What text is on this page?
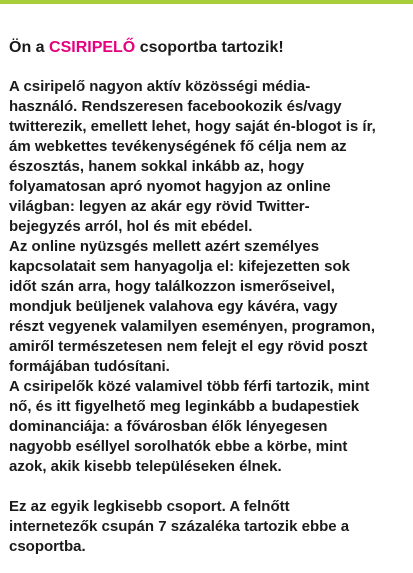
Ön a CSIRIPELŐ csoportba tartozik!

A csiripelő nagyon aktív közösségi média-
használó. Rendszeresen facebookozik és/vagy
twitterezik, emellett lehet, hogy saját én-blogot is ír,
ám webkettes tevékenységének fő célja nem az
észosztás, hanem sokkal inkább az, hogy
folyamatosan apró nyomot hagyjon az online
világban: legyen az akár egy rövid Twitter-
bejegyzés arról, hol és mit ebédel.

Az online nyüzsgés mellett azért személyes
kapcsolatait sem hanyagolja el: kifejezetten sok
időt szán arra, hogy találkozzon ismerőseivel,
mondjuk beüljenek valahova egy kávéra, vagy
részt vegyenek valamilyen eseményen, programon,
amiről természetesen nem felejt el egy rövid poszt
formájában tudósítani.

A csiripelők közé valamivel több férfi tartozik, mint
nő, és itt figyelhető meg leginkább a budapestiek
dominanciája: a fővárosban élők lényegesen
nagyobb eséllyel sorolhatók ebbe a körbe, mint
azok, akik kisebb településeken élnek.

Ez az egyik legkisebb csoport. A felnőtt
internetezők csupán 7 százaléka tartozik ebbe a
csoportba.
